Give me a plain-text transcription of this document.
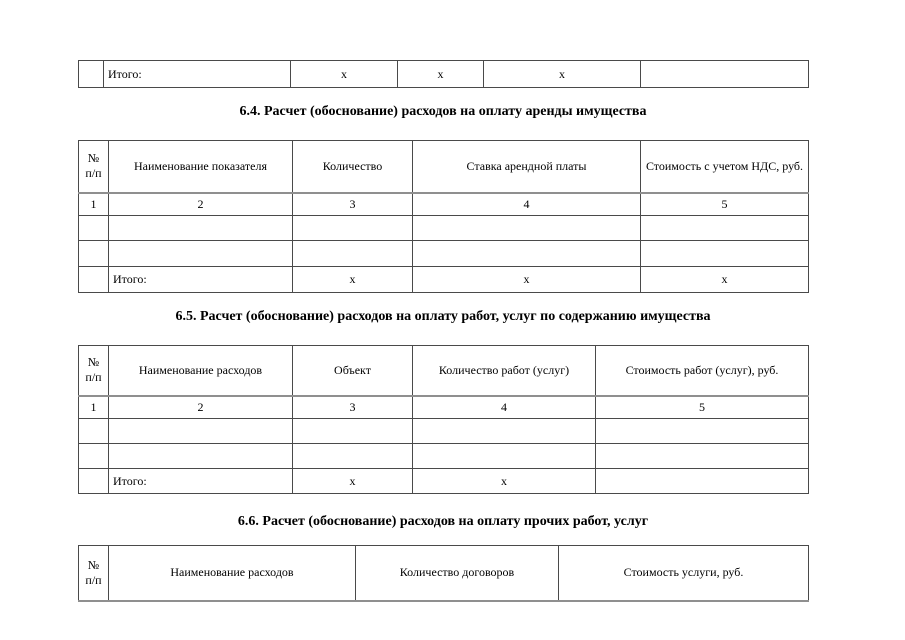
6.4. Расчет (обоснование) расходов на оплату аренды имущества
6.5. Расчет (обоснование) расходов на оплату работ, услуг по содержанию имущества
6.6. Расчет (обоснование) расходов на оплату прочих работ, услуг
	Итого:	x	x	x	
№ п/п	Наименование показателя	Количество	Ставка арендной платы	Стоимость с учетом НДС, руб.
1	2	3	4	5

	Итого:	x	x	x
№ п/п	Наименование расходов	Объект	Количество работ (услуг)	Стоимость работ (услуг), руб.
1	2	3	4	5

	Итого:	x	x	
№ п/п	Наименование расходов	Количество договоров	Стоимость услуги, руб.
